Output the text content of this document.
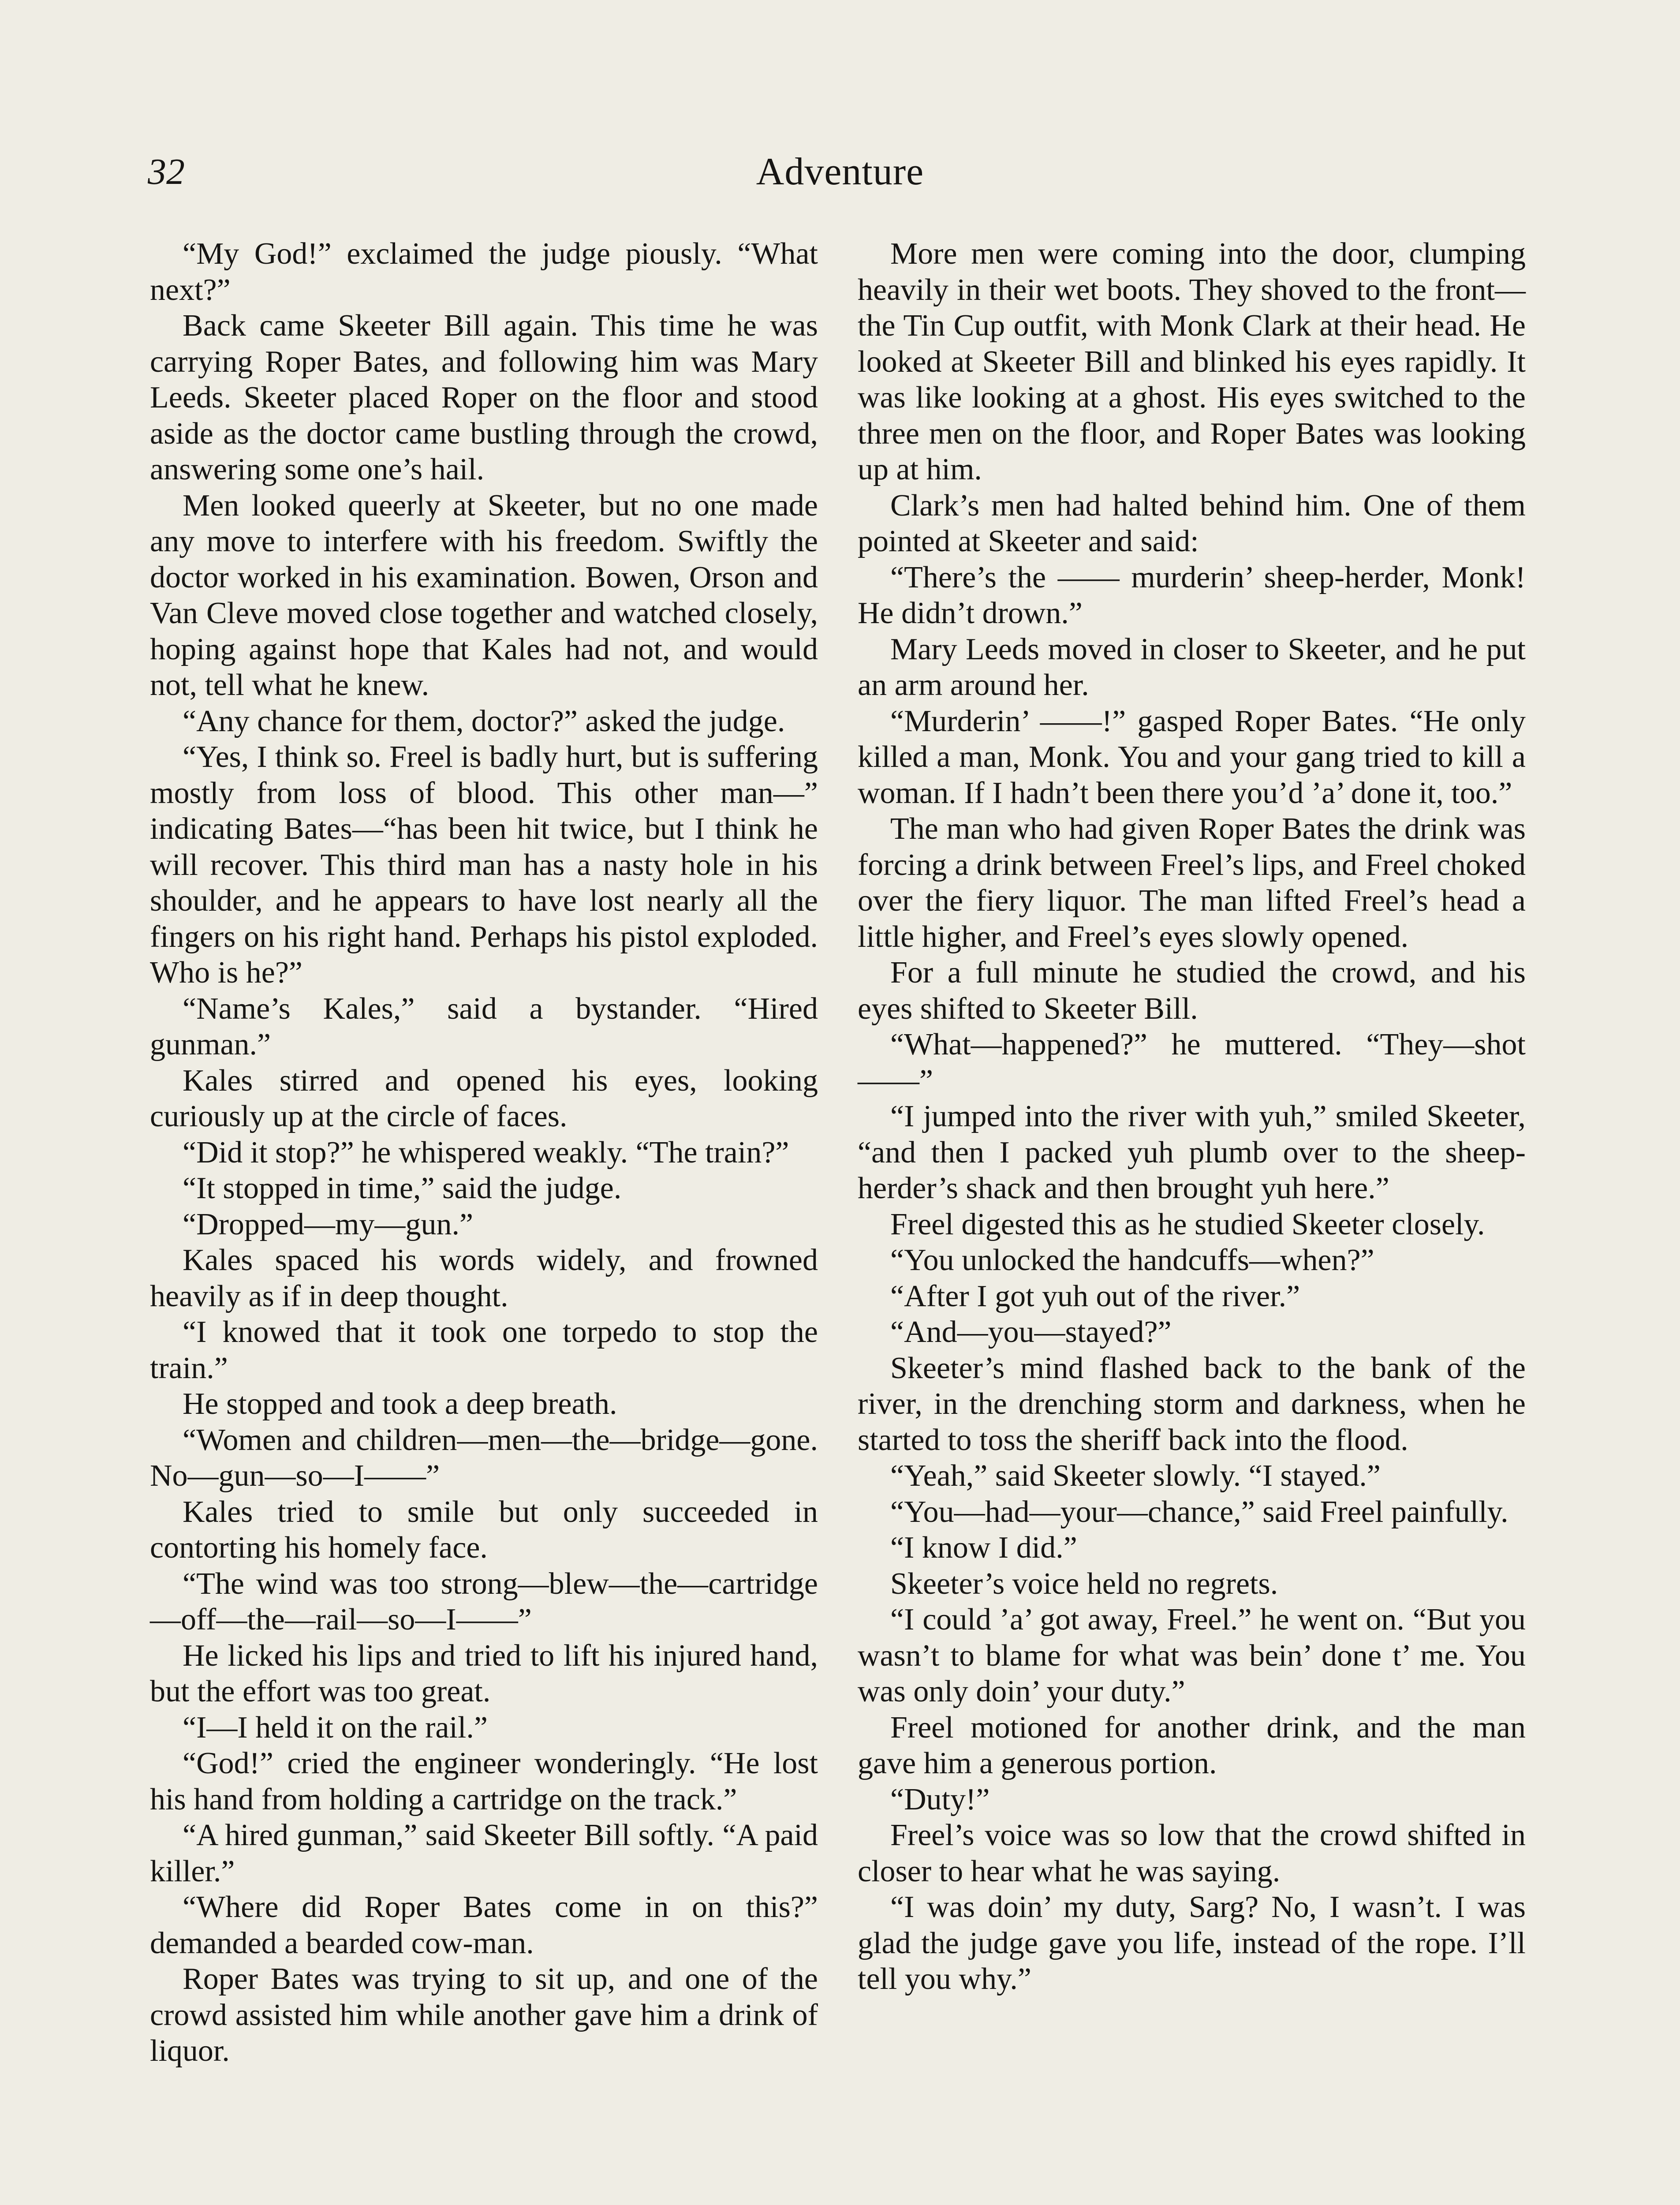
32	Adventure

“My God!” exclaimed the judge piously. “What next?”

Back came Skeeter Bill again. This time he was carrying Roper Bates, and following him was Mary Leeds. Skeeter placed Roper on the floor and stood aside as the doctor came bustling through the crowd, answering some one’s hail.

Men looked queerly at Skeeter, but no one made any move to interfere with his freedom. Swiftly the doctor worked in his examination. Bowen, Orson and Van Cleve moved close together and watched closely, hoping against hope that Kales had not, and would not, tell what he knew.

“Any chance for them, doctor?” asked the judge.

“Yes, I think so. Freel is badly hurt, but is suffering mostly from loss of blood. This other man—” indicating Bates—“has been hit twice, but I think he will recover. This third man has a nasty hole in his shoulder, and he appears to have lost nearly all the fingers on his right hand. Perhaps his pistol exploded. Who is he?”

“Name’s Kales,” said a bystander. “Hired gunman.”

Kales stirred and opened his eyes, looking curiously up at the circle of faces.

“Did it stop?” he whispered weakly. “The train?”

“It stopped in time,” said the judge.

“Dropped—my—gun.”

Kales spaced his words widely, and frowned heavily as if in deep thought.

“I knowed that it took one torpedo to stop the train.”

He stopped and took a deep breath.

“Women and children—men—the—bridge—gone. No—gun—so—I——”

Kales tried to smile but only succeeded in contorting his homely face.

“The wind was too strong—blew—the—cartridge—off—the—rail—so—I——”

He licked his lips and tried to lift his injured hand, but the effort was too great.

“I—I held it on the rail.”

“God!” cried the engineer wonderingly. “He lost his hand from holding a cartridge on the track.”

“A hired gunman,” said Skeeter Bill softly. “A paid killer.”

“Where did Roper Bates come in on this?” demanded a bearded cow-man.

Roper Bates was trying to sit up, and one of the crowd assisted him while another gave him a drink of liquor.

More men were coming into the door, clumping heavily in their wet boots. They shoved to the front—the Tin Cup outfit, with Monk Clark at their head. He looked at Skeeter Bill and blinked his eyes rapidly. It was like looking at a ghost. His eyes switched to the three men on the floor, and Roper Bates was looking up at him.

Clark’s men had halted behind him. One of them pointed at Skeeter and said:

“There’s the —— murderin’ sheep-herder, Monk! He didn’t drown.”

Mary Leeds moved in closer to Skeeter, and he put an arm around her.

“Murderin’ ——!” gasped Roper Bates. “He only killed a man, Monk. You and your gang tried to kill a woman. If I hadn’t been there you’d ’a’ done it, too.”

The man who had given Roper Bates the drink was forcing a drink between Freel’s lips, and Freel choked over the fiery liquor. The man lifted Freel’s head a little higher, and Freel’s eyes slowly opened.

For a full minute he studied the crowd, and his eyes shifted to Skeeter Bill.

“What—happened?” he muttered. “They—shot——”

“I jumped into the river with yuh,” smiled Skeeter, “and then I packed yuh plumb over to the sheep-herder’s shack and then brought yuh here.”

Freel digested this as he studied Skeeter closely.

“You unlocked the handcuffs—when?”

“After I got yuh out of the river.”

“And—you—stayed?”

Skeeter’s mind flashed back to the bank of the river, in the drenching storm and darkness, when he started to toss the sheriff back into the flood.

“Yeah,” said Skeeter slowly. “I stayed.”

“You—had—your—chance,” said Freel painfully.

“I know I did.”

Skeeter’s voice held no regrets.

“I could ’a’ got away, Freel.” he went on. “But you wasn’t to blame for what was bein’ done t’ me. You was only doin’ your duty.”

Freel motioned for another drink, and the man gave him a generous portion.

“Duty!”

Freel’s voice was so low that the crowd shifted in closer to hear what he was saying.

“I was doin’ my duty, Sarg? No, I wasn’t. I was glad the judge gave you life, instead of the rope. I’ll tell you why.”
